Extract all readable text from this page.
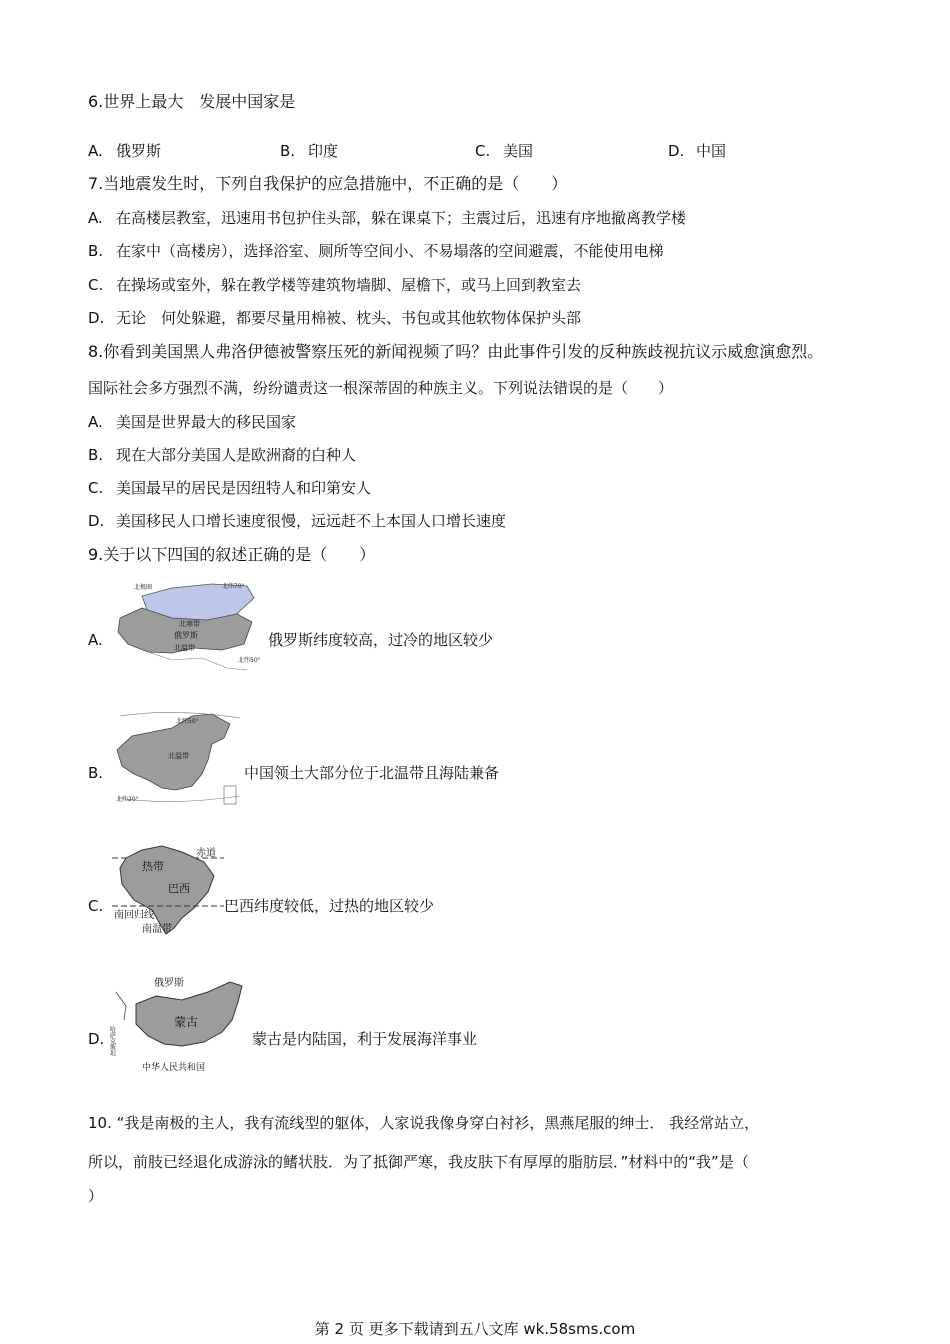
6.世界上最大　发展中国家是
A. 俄罗斯	B. 印度	C. 美国	D. 中国
7.当地震发生时，下列自我保护的应急措施中，不正确的是（　　）
A. 在高楼层教室，迅速用书包护住头部，躲在课桌下；主震过后，迅速有序地撤离教学楼
B. 在家中（高楼房），选择浴室、厕所等空间小、不易塌落的空间避震，不能使用电梯
C. 在操场或室外，躲在教学楼等建筑物墙脚、屋檐下，或马上回到教室去
D. 无论　何处躲避，都要尽量用棉被、枕头、书包或其他软物体保护头部
8.你看到美国黑人弗洛伊德被警察压死的新闻视频了吗？由此事件引发的反种族歧视抗议示威愈演愈烈。
国际社会多方强烈不满，纷纷谴责这一根深蒂固的种族主义。下列说法错误的是（　　）
A. 美国是世界最大的移民国家
B. 现在大部分美国人是欧洲裔的白种人
C. 美国最早的居民是因纽特人和印第安人
D. 美国移民人口增长速度很慢，远远赶不上本国人口增长速度
9.关于以下四国的叙述正确的是（　　）
A.
北极圈	北纬70°
北寒带
俄罗斯
北温带
北纬50°
俄罗斯纬度较高，过冷的地区较少
B.
北纬50°
北温带
北纬20°
中国领土大部分位于北温带且海陆兼备
C.
赤道
热带
巴西
南回归线
南温带
巴西纬度较低，过热的地区较少
D.
俄罗斯
蒙古
哈萨克斯坦
中华人民共和国
蒙古是内陆国，利于发展海洋事业
10. “我是南极的主人，我有流线型的躯体，人家说我像身穿白衬衫，黑燕尾服的绅士． 我经常站立，
所以，前肢已经退化成游泳的鳍状肢．为了抵御严寒，我皮肤下有厚厚的脂肪层．”材料中的“我”是（
）
第 2 页 更多下载请到五八文库 wk.58sms.com
